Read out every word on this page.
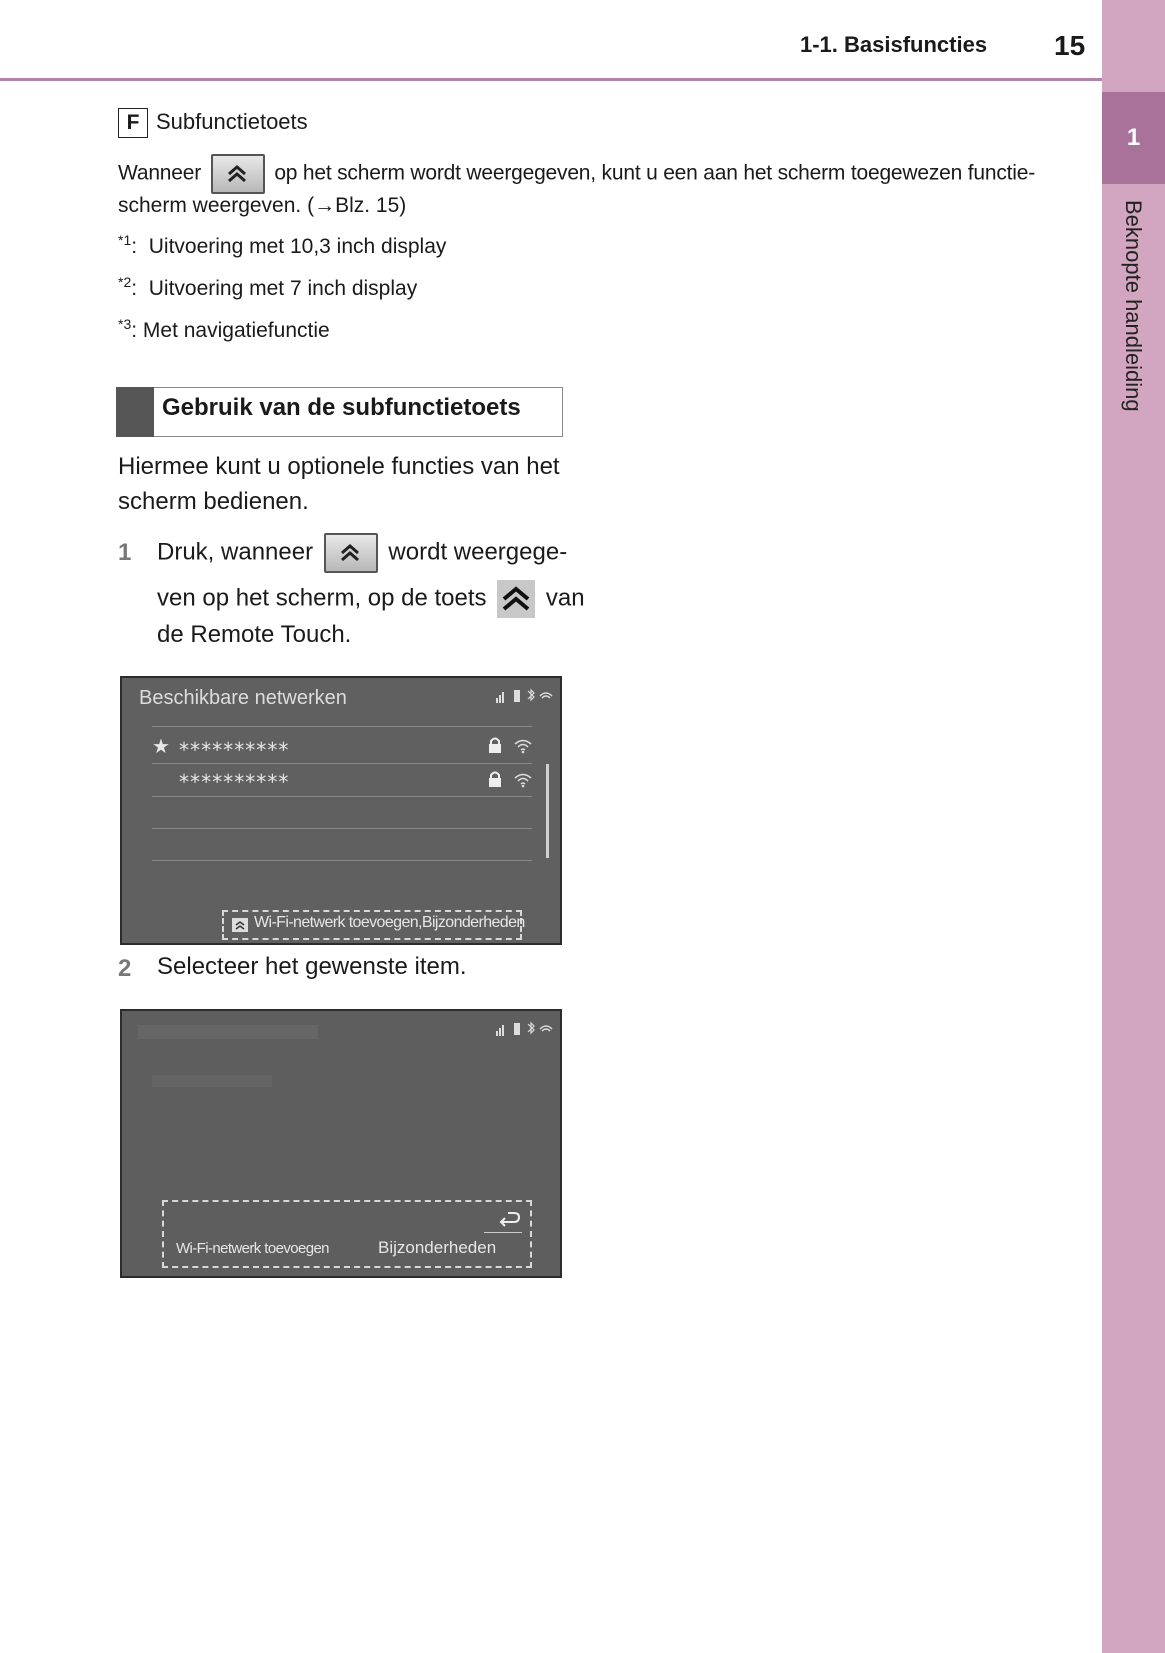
1
Beknopte handleiding
1-1. Basisfuncties 15
F Subfunctietoets
Wanneer	op het scherm wordt weergegeven, kunt u een aan het scherm toegewezen functie-
scherm weergeven. (→Blz. 15)
$^{*1}$:  Uitvoering met 10,3 inch display
$^{*2}$:  Uitvoering met 7 inch display
$^{*3}$: Met navigatiefunctie
Gebruik van de subfunctietoets
Hiermee kunt u optionele functies van het
scherm bedienen.
1 Druk, wanneer	wordt weergege-
ven op het scherm, op de toets van
de Remote Touch.
Beschikbare netwerken
★ **********
**********
Wi-Fi-netwerk toevoegen,Bijzonderheden
2 Selecteer het gewenste item.
Wi-Fi-netwerk toevoegen	Bijzonderheden
